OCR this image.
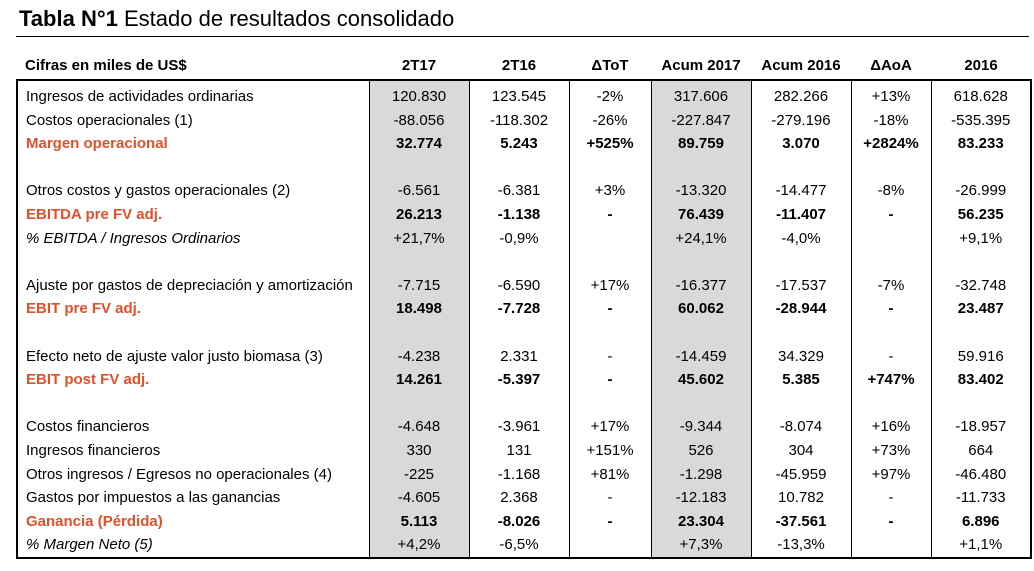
Tabla N°1 Estado de resultados consolidado
Cifras en miles de US$	2T17	2T16	ΔToT	Acum 2017	Acum 2016	ΔAoA	2016
Ingresos de actividades ordinarias	120.830	123.545	-2%	317.606	282.266	+13%	618.628
Costos operacionales (1)	-88.056	-118.302	-26%	-227.847	-279.196	-18%	-535.395
Margen operacional	32.774	5.243	+525%	89.759	3.070	+2824%	83.233

Otros costos y gastos operacionales (2)	-6.561	-6.381	+3%	-13.320	-14.477	-8%	-26.999
EBITDA pre FV adj.	26.213	-1.138	-	76.439	-11.407	-	56.235
% EBITDA / Ingresos Ordinarios	+21,7%	-0,9%		+24,1%	-4,0%		+9,1%

Ajuste por gastos de depreciación y amortización	-7.715	-6.590	+17%	-16.377	-17.537	-7%	-32.748
EBIT pre FV adj.	18.498	-7.728	-	60.062	-28.944	-	23.487

Efecto neto de ajuste valor justo biomasa (3)	-4.238	2.331	-	-14.459	34.329	-	59.916
EBIT post FV adj.	14.261	-5.397	-	45.602	5.385	+747%	83.402

Costos financieros	-4.648	-3.961	+17%	-9.344	-8.074	+16%	-18.957
Ingresos financieros	330	131	+151%	526	304	+73%	664
Otros ingresos / Egresos no operacionales (4)	-225	-1.168	+81%	-1.298	-45.959	+97%	-46.480
Gastos por impuestos a las ganancias	-4.605	2.368	-	-12.183	10.782	-	-11.733
Ganancia (Pérdida)	5.113	-8.026	-	23.304	-37.561	-	6.896
% Margen Neto (5)	+4,2%	-6,5%		+7,3%	-13,3%		+1,1%
